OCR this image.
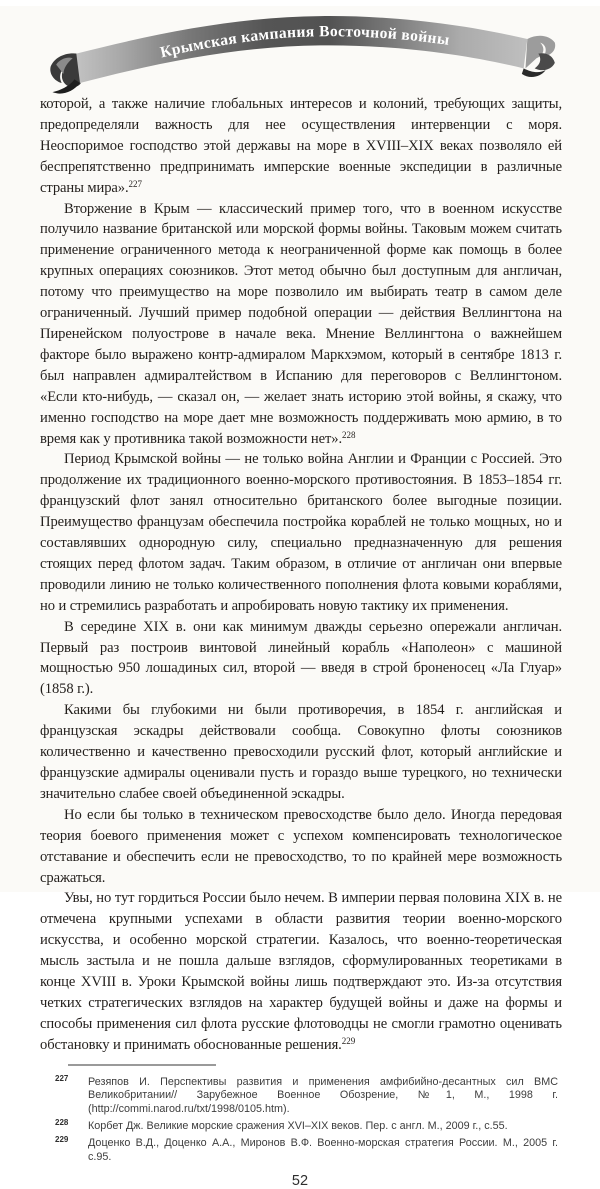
Крымская кампания Восточной войны

которой, а также наличие глобальных интересов и колоний, требующих защиты, предопределяли важность для нее осуществления интервенции с моря. Неоспоримое господство этой державы на море в XVIII–XIX веках позволяло ей беспрепятственно предпринимать имперские военные экспедиции в различные страны мира».$^{227}$

Вторжение в Крым — классический пример того, что в военном искусстве получило название британской или морской формы войны. Таковым можем считать применение ограниченного метода к неограниченной форме как помощь в более крупных операциях союзников. Этот метод обычно был доступным для англичан, потому что преимущество на море позволило им выбирать театр в самом деле ограниченный. Лучший пример подобной операции — действия Веллингтона на Пиренейском полуострове в начале века. Мнение Веллингтона о важнейшем факторе было выражено контр-адмиралом Маркхэмом, который в сентябре 1813 г. был направлен адмиралтейством в Испанию для переговоров с Веллингтоном. «Если кто-нибудь, — сказал он, — желает знать историю этой войны, я скажу, что именно господство на море дает мне возможность поддерживать мою армию, в то время как у противника такой возможности нет».$^{228}$

Период Крымской войны — не только война Англии и Франции с Россией. Это продолжение их традиционного военно-морского противостояния. В 1853–1854 гг. французский флот занял относительно британского более выгодные позиции. Преимущество французам обеспечила постройка кораблей не только мощных, но и составлявших однородную силу, специально предназначенную для решения стоящих перед флотом задач. Таким образом, в отличие от англичан они впервые проводили линию не только количественного пополнения флота ковыми кораблями, но и стремились разработать и апробировать новую тактику их применения.

В середине XIX в. они как минимум дважды серьезно опережали англичан. Первый раз построив винтовой линейный корабль «Наполеон» с машиной мощностью 950 лошадиных сил, второй — введя в строй броненосец «Ла Глуар» (1858 г.).

Какими бы глубокими ни были противоречия, в 1854 г. английская и французская эскадры действовали сообща. Совокупно флоты союзников количественно и качественно превосходили русский флот, который английские и французские адмиралы оценивали пусть и гораздо выше турецкого, но технически значительно слабее своей объединенной эскадры.

Но если бы только в техническом превосходстве было дело. Иногда передовая теория боевого применения может с успехом компенсировать технологическое отставание и обеспечить если не превосходство, то по крайней мере возможность сражаться.

Увы, но тут гордиться России было нечем. В империи первая половина XIX в. не отмечена крупными успехами в области развития теории военно-морского искусства, и особенно морской стратегии. Казалось, что военно-теоретическая мысль застыла и не пошла дальше взглядов, сформулированных теоретиками в конце XVIII в. Уроки Крымской войны лишь подтверждают это. Из-за отсутствия четких стратегических взглядов на характер будущей войны и даже на формы и способы применения сил флота русские флотоводцы не смогли грамотно оценивать обстановку и принимать обоснованные решения.$^{229}$

227 Резяпов И. Перспективы развития и применения амфибийно-десантных сил ВМС Великобритании// Зарубежное Военное Обозрение, №1, М., 1998 г. (http://commi.narod.ru/txt/1998/0105.htm).
228 Корбет Дж. Великие морские сражения XVI–XIX веков. Пер. с англ. М., 2009 г., с.55.
229 Доценко В.Д., Доценко А.А., Миронов В.Ф. Военно-морская стратегия России. М., 2005 г. с.95.
52
